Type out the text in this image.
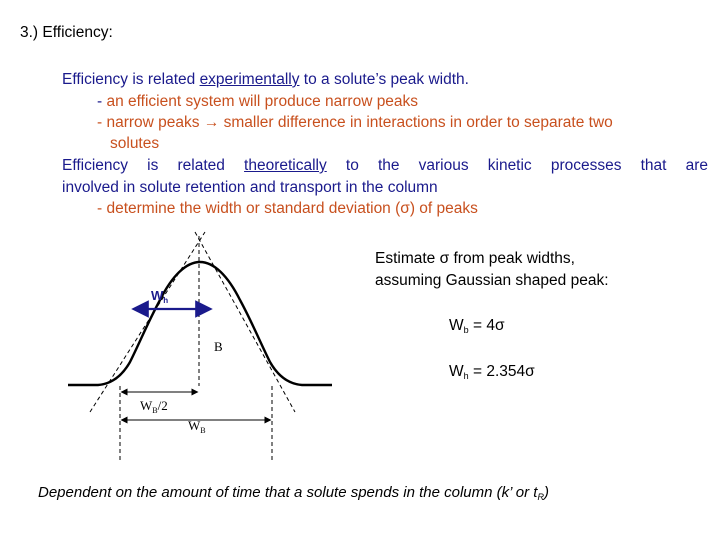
3.) Efficiency:
Efficiency is related experimentally to a solute’s peak width.
- an efficient system will produce narrow peaks
- narrow peaks → smaller difference in interactions in order to separate two
solutes
Efficiency is related theoretically to the various kinetic processes that are
involved in solute retention and transport in the column
- determine the width or standard deviation (σ) of peaks
Estimate σ from peak widths,
assuming Gaussian shaped peak:
$W_b = 4\sigma$
$W_h = 2.354\sigma$
Dependent on the amount of time that a solute spends in the column (k’ or $t_R$)
$W_h$
B
$W_B/2$
$W_B$
